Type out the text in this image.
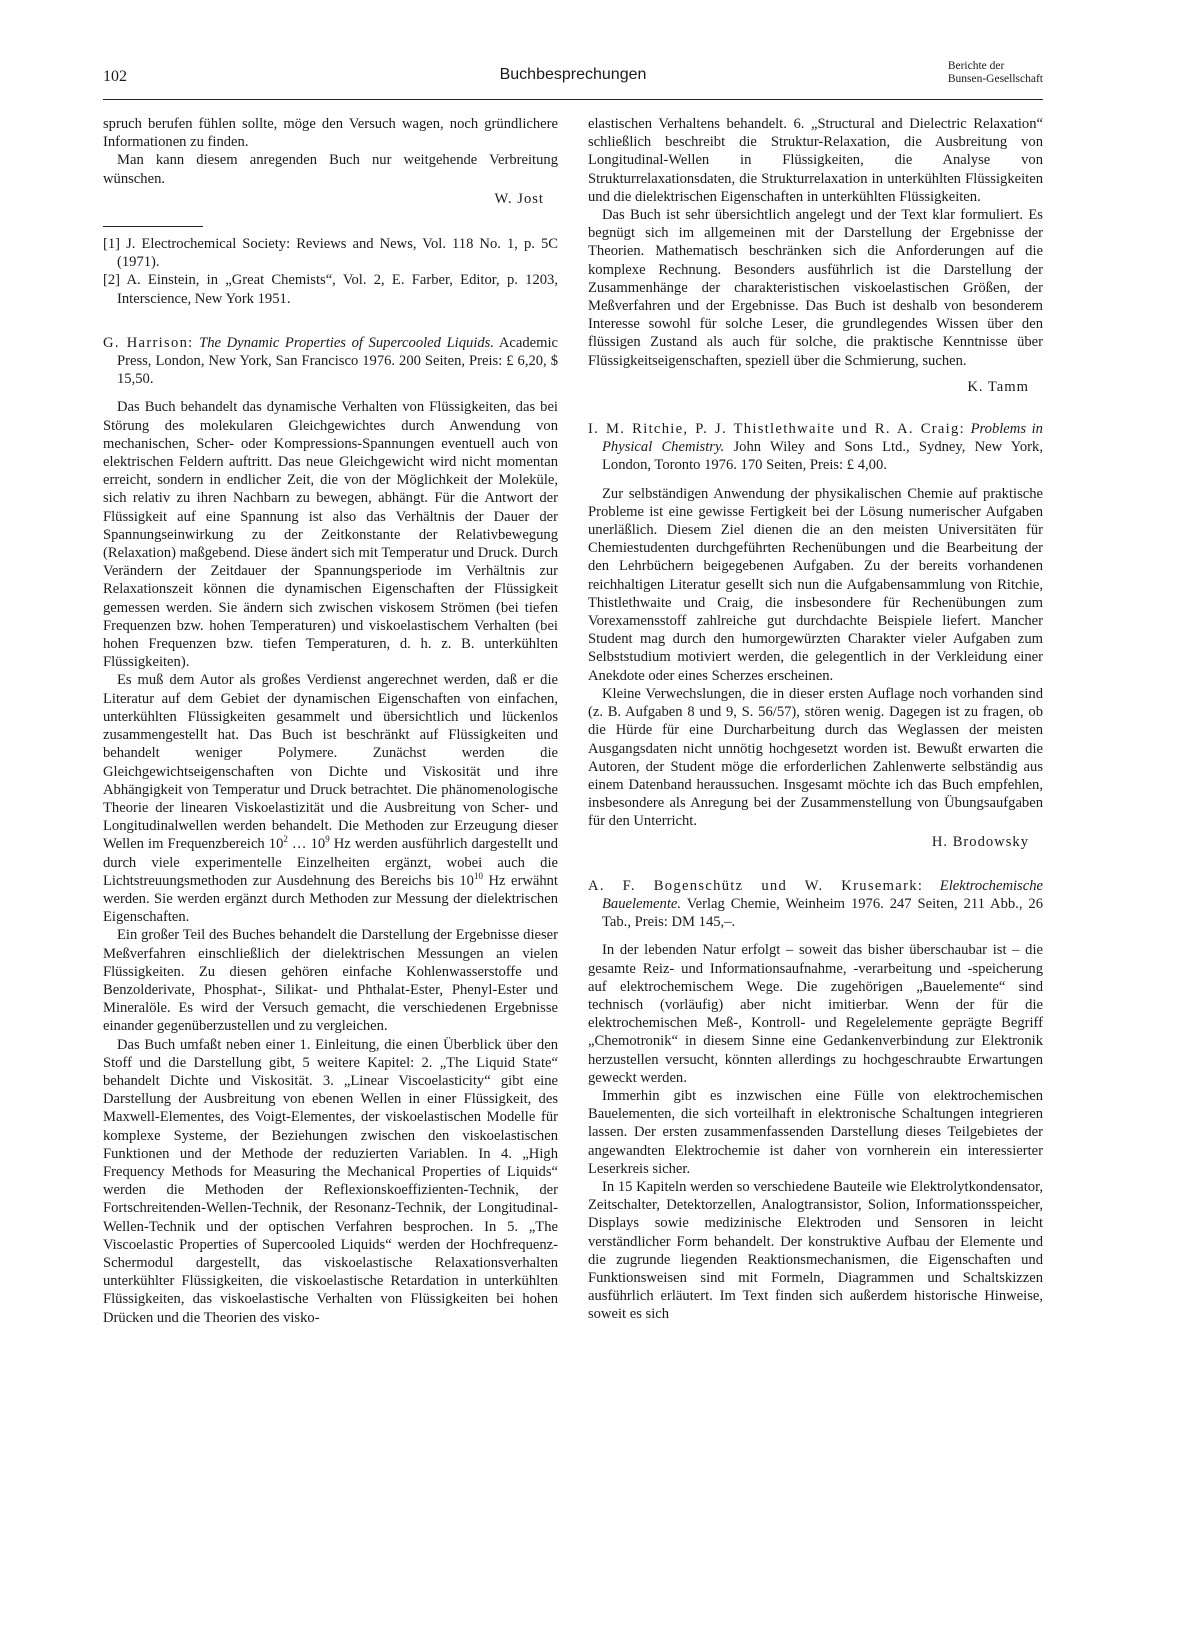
102	Buchbesprechungen	Berichte der
Bunsen-Gesellschaft

spruch berufen fühlen sollte, möge den Versuch wagen, noch gründlichere Informationen zu finden.

Man kann diesem anregenden Buch nur weitgehende Verbreitung wünschen.

W. Jost

[1] J. Electrochemical Society: Reviews and News, Vol. 118 No. 1, p. 5C (1971).

[2] A. Einstein, in „Great Chemists“, Vol. 2, E. Farber, Editor, p. 1203, Interscience, New York 1951.

G. Harrison: The Dynamic Properties of Supercooled Liquids. Academic Press, London, New York, San Francisco 1976. 200 Seiten, Preis: £ 6,20, $ 15,50.

Das Buch behandelt das dynamische Verhalten von Flüssigkeiten, das bei Störung des molekularen Gleichgewichtes durch Anwendung von mechanischen, Scher- oder Kompressions-Spannungen eventuell auch von elektrischen Feldern auftritt. Das neue Gleichgewicht wird nicht momentan erreicht, sondern in endlicher Zeit, die von der Möglichkeit der Moleküle, sich relativ zu ihren Nachbarn zu bewegen, abhängt. Für die Antwort der Flüssigkeit auf eine Spannung ist also das Verhältnis der Dauer der Spannungseinwirkung zu der Zeitkonstante der Relativbewegung (Relaxation) maßgebend. Diese ändert sich mit Temperatur und Druck. Durch Verändern der Zeitdauer der Spannungsperiode im Verhältnis zur Relaxationszeit können die dynamischen Eigenschaften der Flüssigkeit gemessen werden. Sie ändern sich zwischen viskosem Strömen (bei tiefen Frequenzen bzw. hohen Temperaturen) und viskoelastischem Verhalten (bei hohen Frequenzen bzw. tiefen Temperaturen, d. h. z. B. unterkühlten Flüssigkeiten).

Es muß dem Autor als großes Verdienst angerechnet werden, daß er die Literatur auf dem Gebiet der dynamischen Eigenschaften von einfachen, unterkühlten Flüssigkeiten gesammelt und übersichtlich und lückenlos zusammengestellt hat. Das Buch ist beschränkt auf Flüssigkeiten und behandelt weniger Polymere. Zunächst werden die Gleichgewichtseigenschaften von Dichte und Viskosität und ihre Abhängigkeit von Temperatur und Druck betrachtet. Die phänomenologische Theorie der linearen Viskoelastizität und die Ausbreitung von Scher- und Longitudinalwellen werden behandelt. Die Methoden zur Erzeugung dieser Wellen im Frequenzbereich $10^2$ … $10^9$ Hz werden ausführlich dargestellt und durch viele experimentelle Einzelheiten ergänzt, wobei auch die Lichtstreuungsmethoden zur Ausdehnung des Bereichs bis $10^{10}$ Hz erwähnt werden. Sie werden ergänzt durch Methoden zur Messung der dielektrischen Eigenschaften.

Ein großer Teil des Buches behandelt die Darstellung der Ergebnisse dieser Meßverfahren einschließlich der dielektrischen Messungen an vielen Flüssigkeiten. Zu diesen gehören einfache Kohlenwasserstoffe und Benzolderivate, Phosphat-, Silikat- und Phthalat-Ester, Phenyl-Ester und Mineralöle. Es wird der Versuch gemacht, die verschiedenen Ergebnisse einander gegenüberzustellen und zu vergleichen.

Das Buch umfaßt neben einer 1. Einleitung, die einen Überblick über den Stoff und die Darstellung gibt, 5 weitere Kapitel: 2. „The Liquid State“ behandelt Dichte und Viskosität. 3. „Linear Viscoelasticity“ gibt eine Darstellung der Ausbreitung von ebenen Wellen in einer Flüssigkeit, des Maxwell-Elementes, des Voigt-Elementes, der viskoelastischen Modelle für komplexe Systeme, der Beziehungen zwischen den viskoelastischen Funktionen und der Methode der reduzierten Variablen. In 4. „High Frequency Methods for Measuring the Mechanical Properties of Liquids“ werden die Methoden der Reflexionskoeffizienten-Technik, der Fortschreitenden-Wellen-Technik, der Resonanz-Technik, der Longitudinal-Wellen-Technik und der optischen Verfahren besprochen. In 5. „The Viscoelastic Properties of Supercooled Liquids“ werden der Hochfrequenz-Schermodul dargestellt, das viskoelastische Relaxationsverhalten unterkühlter Flüssigkeiten, die viskoelastische Retardation in unterkühlten Flüssigkeiten, das viskoelastische Verhalten von Flüssigkeiten bei hohen Drücken und die Theorien des visko-

elastischen Verhaltens behandelt. 6. „Structural and Dielectric Relaxation“ schließlich beschreibt die Struktur-Relaxation, die Ausbreitung von Longitudinal-Wellen in Flüssigkeiten, die Analyse von Strukturrelaxationsdaten, die Strukturrelaxation in unterkühlten Flüssigkeiten und die dielektrischen Eigenschaften in unterkühlten Flüssigkeiten.

Das Buch ist sehr übersichtlich angelegt und der Text klar formuliert. Es begnügt sich im allgemeinen mit der Darstellung der Ergebnisse der Theorien. Mathematisch beschränken sich die Anforderungen auf die komplexe Rechnung. Besonders ausführlich ist die Darstellung der Zusammenhänge der charakteristischen viskoelastischen Größen, der Meßverfahren und der Ergebnisse. Das Buch ist deshalb von besonderem Interesse sowohl für solche Leser, die grundlegendes Wissen über den flüssigen Zustand als auch für solche, die praktische Kenntnisse über Flüssigkeitseigenschaften, speziell über die Schmierung, suchen.

K. Tamm

I. M. Ritchie, P. J. Thistlethwaite und R. A. Craig: Problems in Physical Chemistry. John Wiley and Sons Ltd., Sydney, New York, London, Toronto 1976. 170 Seiten, Preis: £ 4,00.

Zur selbständigen Anwendung der physikalischen Chemie auf praktische Probleme ist eine gewisse Fertigkeit bei der Lösung numerischer Aufgaben unerläßlich. Diesem Ziel dienen die an den meisten Universitäten für Chemiestudenten durchgeführten Rechenübungen und die Bearbeitung der den Lehrbüchern beigegebenen Aufgaben. Zu der bereits vorhandenen reichhaltigen Literatur gesellt sich nun die Aufgabensammlung von Ritchie, Thistlethwaite und Craig, die insbesondere für Rechenübungen zum Vorexamensstoff zahlreiche gut durchdachte Beispiele liefert. Mancher Student mag durch den humorgewürzten Charakter vieler Aufgaben zum Selbststudium motiviert werden, die gelegentlich in der Verkleidung einer Anekdote oder eines Scherzes erscheinen.

Kleine Verwechslungen, die in dieser ersten Auflage noch vorhanden sind (z. B. Aufgaben 8 und 9, S. 56/57), stören wenig. Dagegen ist zu fragen, ob die Hürde für eine Durcharbeitung durch das Weglassen der meisten Ausgangsdaten nicht unnötig hochgesetzt worden ist. Bewußt erwarten die Autoren, der Student möge die erforderlichen Zahlenwerte selbständig aus einem Datenband heraussuchen. Insgesamt möchte ich das Buch empfehlen, insbesondere als Anregung bei der Zusammenstellung von Übungsaufgaben für den Unterricht.

H. Brodowsky

A. F. Bogenschütz und W. Krusemark: Elektrochemische Bauelemente. Verlag Chemie, Weinheim 1976. 247 Seiten, 211 Abb., 26 Tab., Preis: DM 145,–.

In der lebenden Natur erfolgt – soweit das bisher überschaubar ist – die gesamte Reiz- und Informationsaufnahme, -verarbeitung und -speicherung auf elektrochemischem Wege. Die zugehörigen „Bauelemente“ sind technisch (vorläufig) aber nicht imitierbar. Wenn der für die elektrochemischen Meß-, Kontroll- und Regelelemente geprägte Begriff „Chemotronik“ in diesem Sinne eine Gedankenverbindung zur Elektronik herzustellen versucht, könnten allerdings zu hochgeschraubte Erwartungen geweckt werden.

Immerhin gibt es inzwischen eine Fülle von elektrochemischen Bauelementen, die sich vorteilhaft in elektronische Schaltungen integrieren lassen. Der ersten zusammenfassenden Darstellung dieses Teilgebietes der angewandten Elektrochemie ist daher von vornherein ein interessierter Leserkreis sicher.

In 15 Kapiteln werden so verschiedene Bauteile wie Elektrolytkondensator, Zeitschalter, Detektorzellen, Analogtransistor, Solion, Informationsspeicher, Displays sowie medizinische Elektroden und Sensoren in leicht verständlicher Form behandelt. Der konstruktive Aufbau der Elemente und die zugrunde liegenden Reaktionsmechanismen, die Eigenschaften und Funktionsweisen sind mit Formeln, Diagrammen und Schaltskizzen ausführlich erläutert. Im Text finden sich außerdem historische Hinweise, soweit es sich
